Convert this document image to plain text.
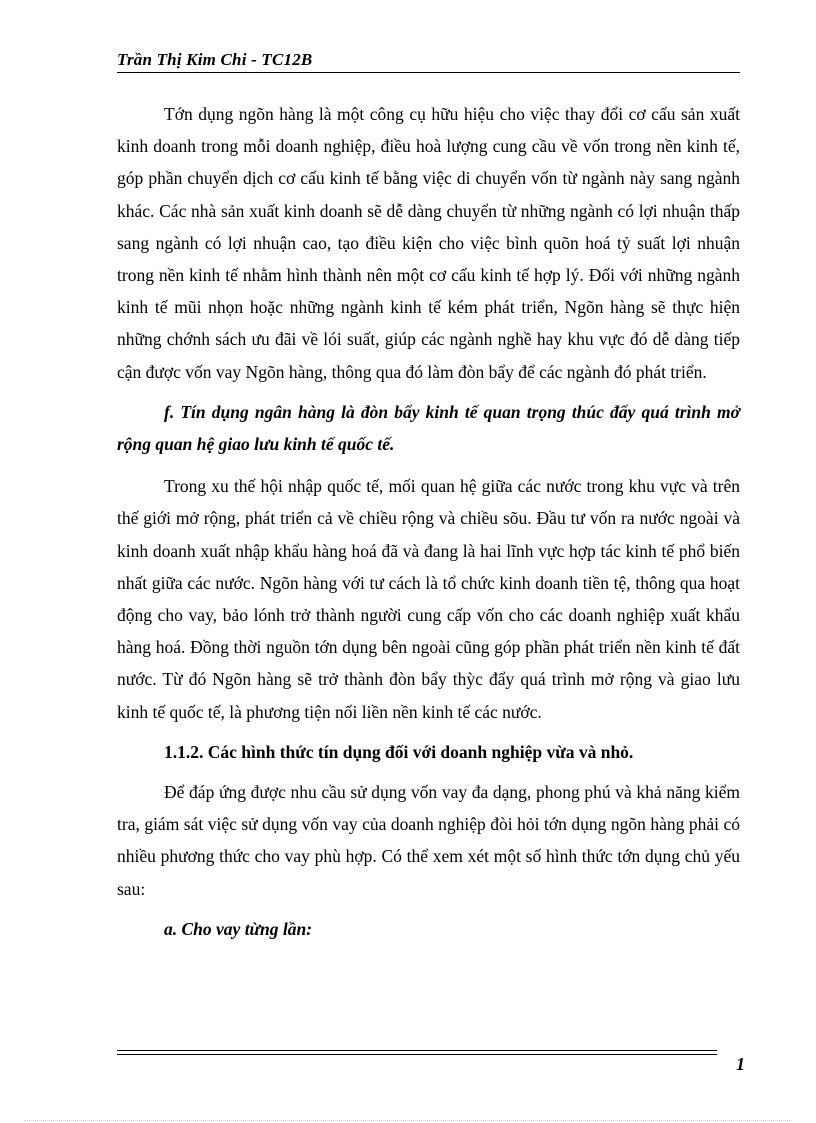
Trần Thị Kim Chi - TC12B

Tớn dụng ngõn hàng là một công cụ hữu hiệu cho việc thay đổi cơ cấu sản xuất kinh doanh trong mỗi doanh nghiệp, điều hoà lượng cung cầu về vốn trong nền kinh tế, góp phần chuyển dịch cơ cấu kinh tế bằng việc di chuyển vốn từ ngành này sang ngành khác. Các nhà sản xuất kinh doanh sẽ dễ dàng chuyển từ những ngành có lợi nhuận thấp sang ngành có lợi nhuận cao, tạo điều kiện cho việc bình quõn hoá tỷ suất lợi nhuận trong nền kinh tế nhằm hình thành nên một cơ cấu kinh tế hợp lý. Đối với những ngành kinh tế mũi nhọn hoặc những ngành kinh tế kém phát triển, Ngõn hàng sẽ thực hiện những chớnh sách ưu đãi về lói suất, giúp các ngành nghề hay khu vực đó dễ dàng tiếp cận được vốn vay Ngõn hàng, thông qua đó làm đòn bẩy để các ngành đó phát triển.

f. Tín dụng ngân hàng là đòn bẩy kinh tế quan trọng thúc đẩy quá trình mở rộng quan hệ giao lưu kinh tế quốc tế.

Trong xu thế hội nhập quốc tế, mối quan hệ giữa các nước trong khu vực và trên thế giới mở rộng, phát triển cả về chiều rộng và chiều sõu. Đầu tư vốn ra nước ngoài và kinh doanh xuất nhập khẩu hàng hoá đã và đang là hai lĩnh vực hợp tác kinh tế phổ biến nhất giữa các nước. Ngõn hàng với tư cách là tổ chức kinh doanh tiền tệ, thông qua hoạt động cho vay, bảo lónh trở thành người cung cấp vốn cho các doanh nghiệp xuất khẩu hàng hoá. Đồng thời nguồn tớn dụng bên ngoài cũng góp phần phát triển nền kinh tế đất nước. Từ đó Ngõn hàng sẽ trở thành đòn bẩy thỳc đẩy quá trình mở rộng và giao lưu kinh tế quốc tế, là phương tiện nối liền nền kinh tế các nước.

1.1.2. Các hình thức tín dụng đối với doanh nghiệp vừa và nhỏ.

Để đáp ứng được nhu cầu sử dụng vốn vay đa dạng, phong phú và khả năng kiểm tra, giám sát việc sử dụng vốn vay của doanh nghiệp đòi hỏi tớn dụng ngõn hàng phải có nhiều phương thức cho vay phù hợp. Có thể xem xét một số hình thức tớn dụng chủ yếu sau:

a. Cho vay từng lần:

1
